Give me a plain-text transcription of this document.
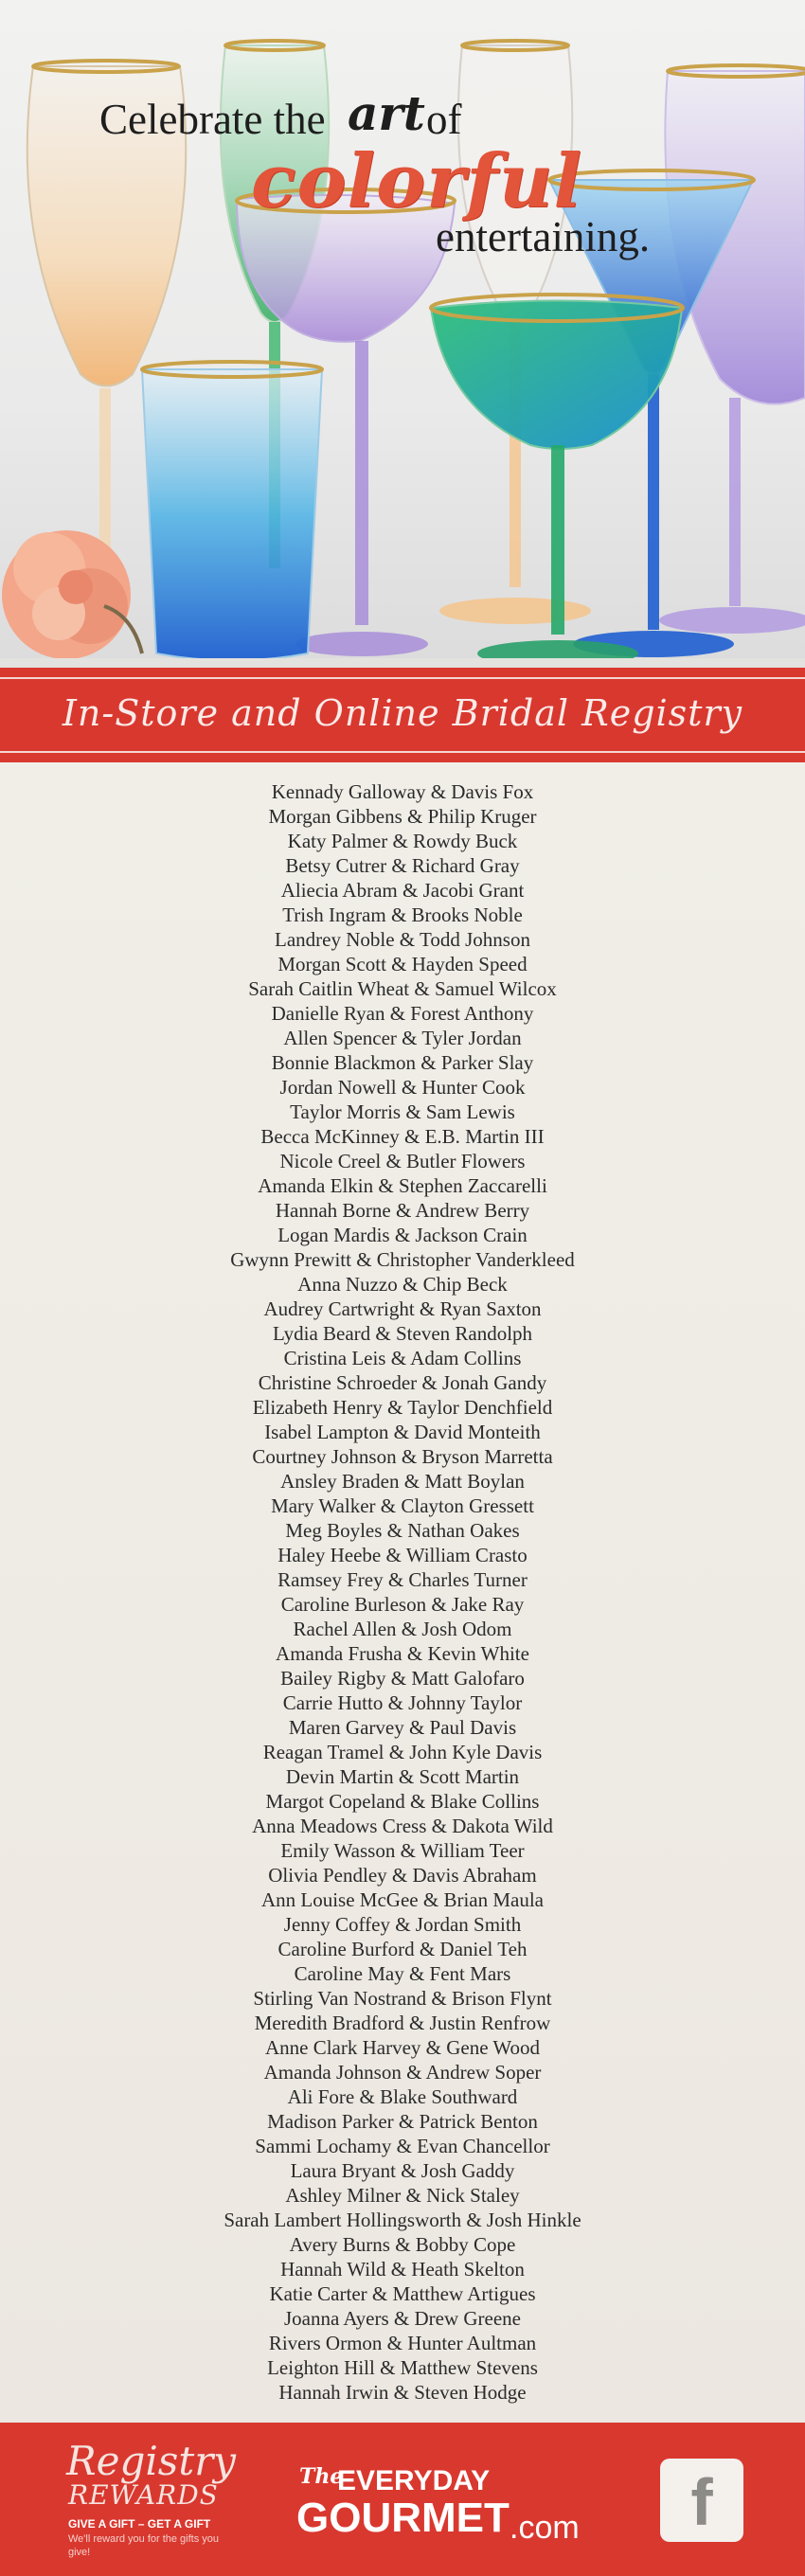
Celebrate the art of
colorful
entertaining.
In-Store and Online Bridal Registry
Kennady Galloway & Davis Fox
Morgan Gibbens & Philip Kruger
Katy Palmer & Rowdy Buck
Betsy Cutrer & Richard Gray
Aliecia Abram & Jacobi Grant
Trish Ingram & Brooks Noble
Landrey Noble & Todd Johnson
Morgan Scott & Hayden Speed
Sarah Caitlin Wheat & Samuel Wilcox
Danielle Ryan & Forest Anthony
Allen Spencer & Tyler Jordan
Bonnie Blackmon & Parker Slay
Jordan Nowell & Hunter Cook
Taylor Morris & Sam Lewis
Becca McKinney & E.B. Martin III
Nicole Creel & Butler Flowers
Amanda Elkin & Stephen Zaccarelli
Hannah Borne & Andrew Berry
Logan Mardis & Jackson Crain
Gwynn Prewitt & Christopher Vanderkleed
Anna Nuzzo & Chip Beck
Audrey Cartwright & Ryan Saxton
Lydia Beard & Steven Randolph
Cristina Leis & Adam Collins
Christine Schroeder & Jonah Gandy
Elizabeth Henry & Taylor Denchfield
Isabel Lampton & David Monteith
Courtney Johnson & Bryson Marretta
Ansley Braden & Matt Boylan
Mary Walker & Clayton Gressett
Meg Boyles & Nathan Oakes
Haley Heebe & William Crasto
Ramsey Frey & Charles Turner
Caroline Burleson & Jake Ray
Rachel Allen & Josh Odom
Amanda Frusha & Kevin White
Bailey Rigby & Matt Galofaro
Carrie Hutto & Johnny Taylor
Maren Garvey & Paul Davis
Reagan Tramel & John Kyle Davis
Devin Martin & Scott Martin
Margot Copeland & Blake Collins
Anna Meadows Cress & Dakota Wild
Emily Wasson & William Teer
Olivia Pendley & Davis Abraham
Ann Louise McGee & Brian Maula
Jenny Coffey & Jordan Smith
Caroline Burford & Daniel Teh
Caroline May & Fent Mars
Stirling Van Nostrand & Brison Flynt
Meredith Bradford & Justin Renfrow
Anne Clark Harvey & Gene Wood
Amanda Johnson & Andrew Soper
Ali Fore & Blake Southward
Madison Parker & Patrick Benton
Sammi Lochamy & Evan Chancellor
Laura Bryant & Josh Gaddy
Ashley Milner & Nick Staley
Sarah Lambert Hollingsworth & Josh Hinkle
Avery Burns & Bobby Cope
Hannah Wild & Heath Skelton
Katie Carter & Matthew Artigues
Joanna Ayers & Drew Greene
Rivers Ormon & Hunter Aultman
Leighton Hill & Matthew Stevens
Hannah Irwin & Steven Hodge
Registry
REWARDS
GIVE A GIFT – GET A GIFT
We'll reward you for the gifts you give!
The
EVERYDAY
GOURMET .com	f
